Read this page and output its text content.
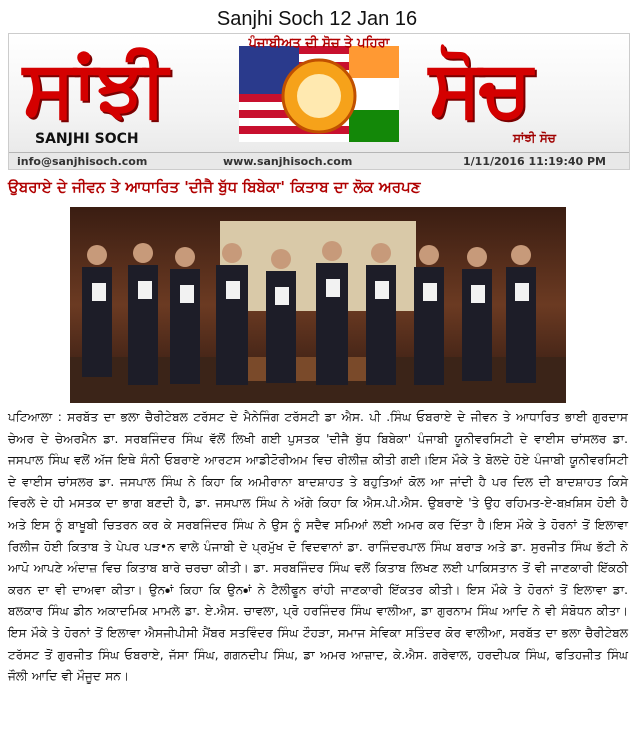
Sanjhi Soch 12 Jan 16
ਪੰਜਾਬੀਅਤ ਦੀ ਸੋਚ ਤੇ ਪਹਿਰਾ
ਸਾਂਝੀ	ਸੋਚ
SANJHI SOCH	ਸਾਂਝੀ ਸੋਚ
info@sanjhisoch.com	www.sanjhisoch.com	1/11/2016 11:19:40 PM
ਉਬਰਾਏ ਦੇ ਜੀਵਨ ਤੇ ਆਧਾਰਿਤ 'ਦੀਜੈ ਬੁੱਧ ਬਿਬੇਕਾ' ਕਿਤਾਬ ਦਾ ਲੋਕ ਅਰਪਣ

ਪਟਿਆਲਾ : ਸਰਬੱਤ ਦਾ ਭਲਾ ਚੈਰੀਟੇਬਲ ਟਰੱਸਟ ਦੇ ਮੈਨੇਜਿੰਗ ਟਰੱਸਟੀ ਡਾ ਐਸ. ਪੀ .ਸਿੰਘ ਓਬਰਾਏ ਦੇ ਜੀਵਨ ਤੇ ਆਧਾਰਿਤ ਭਾਈ ਗੁਰਦਾਸ ਚੇਅਰ ਦੇ ਚੇਅਰਮੈਨ ਡਾ. ਸਰਬਜਿੰਦਰ ਸਿੰਘ ਵੱਲੋਂ ਲਿਖੀ ਗਈ ਪੁਸਤਕ 'ਦੀਜੈ ਬੁੱਧ ਬਿਬੇਕਾ' ਪੰਜਾਬੀ ਯੂਨੀਵਰਸਿਟੀ ਦੇ ਵਾਈਸ ਚਾਂਸਲਰ ਡਾ. ਜਸਪਾਲ ਸਿੰਘ ਵਲੋਂ ਅੱਜ ਇਥੇ ਸੰਨੀ ਓਬਰਾਏ ਆਰਟਸ ਆਡੀਟੋਰੀਅਮ ਵਿਚ ਰੀਲੀਜ਼ ਕੀਤੀ ਗਈ।ਇਸ ਮੌਕੇ ਤੇ ਬੋਲਦੇ ਹੋਏ ਪੰਜਾਬੀ ਯੂਨੀਵਰਸਿਟੀ ਦੇ ਵਾਈਸ ਚਾਂਸਲਰ ਡਾ. ਜਸਪਾਲ ਸਿੰਘ ਨੇ ਕਿਹਾ ਕਿ ਅਮੀਰਾਨਾ ਬਾਦਸ਼ਾਹਤ ਤੇ ਬਹੁਤਿਆਂ ਕੋਲ ਆ ਜਾਂਦੀ ਹੈ ਪਰ ਦਿਲ ਦੀ ਬਾਦਸ਼ਾਹਤ ਕਿਸੇ ਵਿਰਲੇ ਦੇ ਹੀ ਮਸਤਕ ਦਾ ਭਾਗ ਬਣਦੀ ਹੈ, ਡਾ. ਜਸਪਾਲ ਸਿੰਘ ਨੇ ਅੱਗੇ ਕਿਹਾ ਕਿ ਐਸ.ਪੀ.ਐਸ. ਉਬਰਾਏ 'ਤੇ ਉਹ ਰਹਿਮਤ-ਏ-ਬਖ਼ਸ਼ਿਸ ਹੋਈ ਹੈ ਅਤੇ ਇਸ ਨੂੰ ਬਾਖੂਬੀ ਚਿਤਰਨ ਕਰ ਕੇ ਸਰਬਜਿੰਦਰ ਸਿੰਘ ਨੇ ਉਸ ਨੂੰ ਸਦੈਵ ਸਮਿਆਂ ਲਈ ਅਮਰ ਕਰ ਦਿੱਤਾ ਹੈ।ਇਸ ਮੌਕੇ ਤੇ ਹੋਰਨਾਂ ਤੋਂ ਇਲਾਵਾ ਰਿਲੀਜ ਹੋਈ ਕਿਤਾਬ ਤੇ ਪੇਪਰ ਪੜ•ਨ ਵਾਲੇ ਪੰਜਾਬੀ ਦੇ ਪ੍ਰਮੁੱਖ ਦੋ ਵਿਦਵਾਨਾਂ ਡਾ. ਰਾਜਿੰਦਰਪਾਲ ਸਿੰਘ ਬਰਾੜ ਅਤੇ ਡਾ. ਸੁਰਜੀਤ ਸਿੰਘ ਭੱਟੀ ਨੇ ਆਪੋ ਆਪਣੇ ਅੰਦਾਜ਼ ਵਿਚ ਕਿਤਾਬ ਬਾਰੇ ਚਰਚਾ ਕੀਤੀ। ਡਾ. ਸਰਬਜਿੰਦਰ ਸਿੰਘ ਵਲੋਂ ਕਿਤਾਬ ਲਿਖਣ ਲਈ ਪਾਕਿਸਤਾਨ ਤੋਂ ਵੀ ਜਾਣਕਾਰੀ ਇੱਕਠੀ ਕਰਨ ਦਾ ਵੀ ਦਾਅਵਾ ਕੀਤਾ। ਉਨ•ਾਂ ਕਿਹਾ ਕਿ ਉਨ•ਾਂ ਨੇ ਟੈਲੀਫੂਨ ਰਾਂਹੀ ਜਾਣਕਾਰੀ ਇੱਕਤਰ ਕੀਤੀ। ਇਸ ਮੌਕੇ ਤੇ ਹੋਰਨਾਂ ਤੋਂ ਇਲਾਵਾ ਡਾ. ਬਲਕਾਰ ਸਿੰਘ ਡੀਨ ਅਕਾਦਮਿਕ ਮਾਮਲੇ ਡਾ. ਏ.ਐਸ. ਚਾਵਲਾ, ਪ੍ਰੋ ਹਰਜਿੰਦਰ ਸਿੰਘ ਵਾਲੀਆ, ਡਾ ਗੁਰਨਾਮ ਸਿੰਘ ਆਦਿ ਨੇ ਵੀ ਸੰਬੋਧਨ ਕੀਤਾ। ਇਸ ਮੌਕੇ ਤੇ ਹੋਰਨਾਂ ਤੋਂ ਇਲਾਵਾ ਐਸਜੀਪੀਸੀ ਮੈਂਬਰ ਸਤਵਿੰਦਰ ਸਿੰਘ ਟੌਹੜਾ, ਸਮਾਜ ਸੇਵਿਕਾ ਸਤਿੰਦਰ ਕੋਰ ਵਾਲੀਆ, ਸਰਬੱਤ ਦਾ ਭਲਾ ਚੈਰੀਟੇਬਲ ਟਰੱਸਟ ਤੋਂ ਗੁਰਜੀਤ ਸਿੰਘ ਓਬਰਾਏ, ਜੱਸਾ ਸਿੰਘ, ਗਗਨਦੀਪ ਸਿੰਘ, ਡਾ ਅਮਰ ਆਜ਼ਾਦ, ਕੇ.ਐਸ. ਗਰੇਵਾਲ, ਹਰਦੀਪਕ ਸਿੰਘ, ਫਤਿਹਜੀਤ ਸਿੰਘ ਜੌਲੀ ਆਦਿ ਵੀ ਮੌਜੂਦ ਸਨ।
